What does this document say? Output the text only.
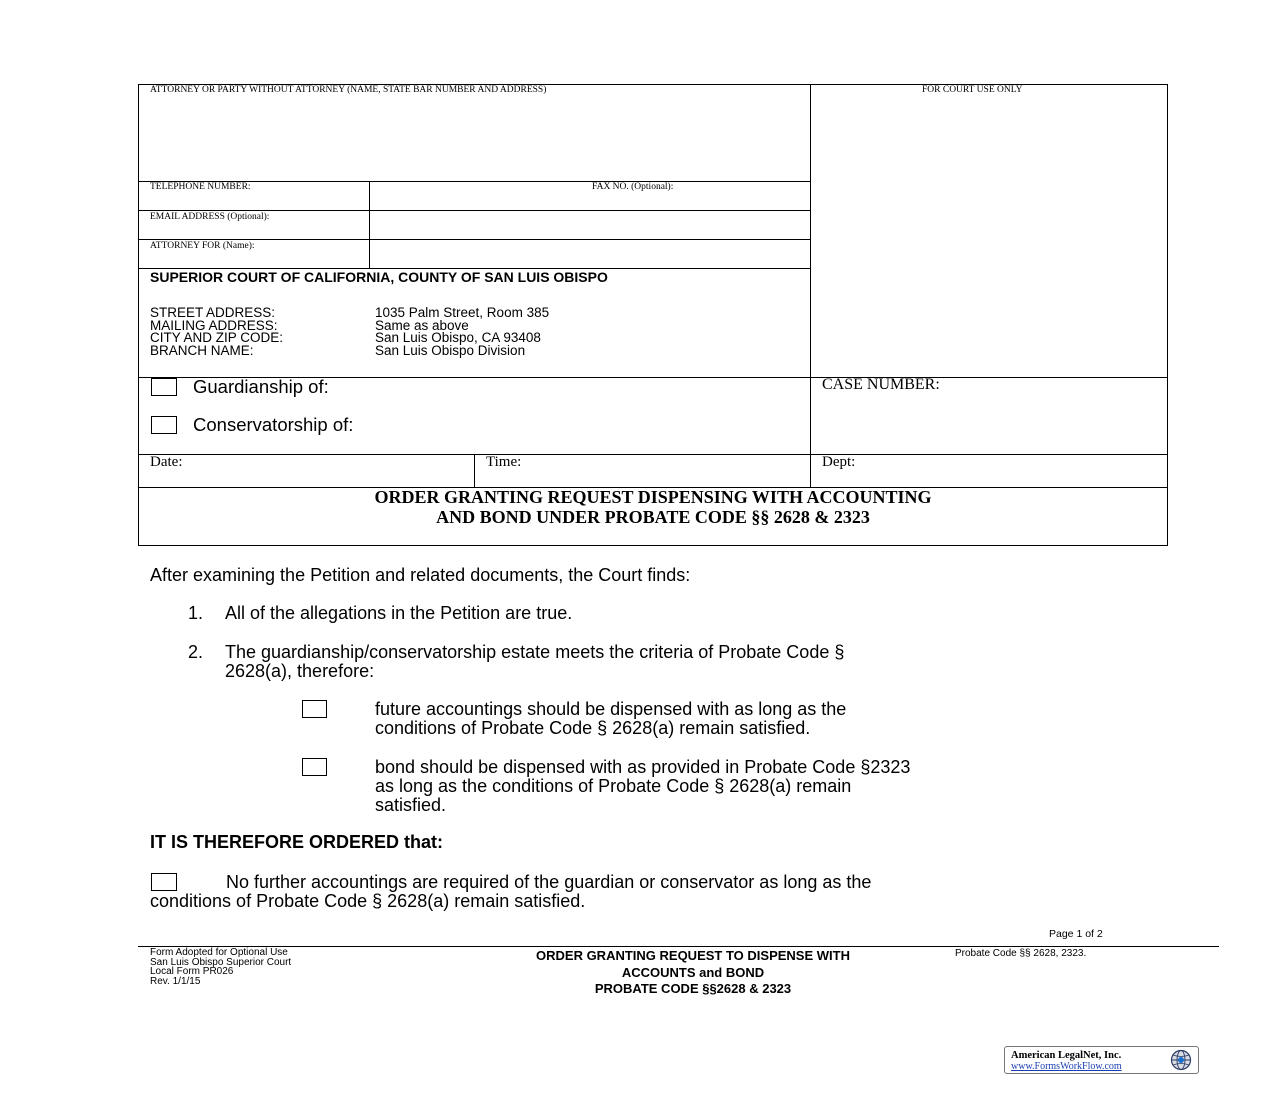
ATTORNEY OR PARTY WITHOUT ATTORNEY (NAME, STATE BAR NUMBER AND ADDRESS)	FOR COURT USE ONLY
TELEPHONE NUMBER:	FAX NO. (Optional):
EMAIL ADDRESS (Optional):
ATTORNEY FOR (Name):
SUPERIOR COURT OF CALIFORNIA, COUNTY OF SAN LUIS OBISPO
STREET ADDRESS:	1035 Palm Street, Room 385
MAILING ADDRESS:	Same as above
CITY AND ZIP CODE:	San Luis Obispo, CA 93408
BRANCH NAME:	San Luis Obispo Division
Guardianship of:
Conservatorship of:
CASE NUMBER:
Date:	Time:	Dept:
ORDER GRANTING REQUEST DISPENSING WITH ACCOUNTING
AND BOND UNDER PROBATE CODE §§ 2628 & 2323
After examining the Petition and related documents, the Court finds:
1. All of the allegations in the Petition are true.
2. The guardianship/conservatorship estate meets the criteria of Probate Code §
2628(a), therefore:
future accountings should be dispensed with as long as the
conditions of Probate Code § 2628(a) remain satisfied.
bond should be dispensed with as provided in Probate Code §2323
as long as the conditions of Probate Code § 2628(a) remain
satisfied.
IT IS THEREFORE ORDERED that:
No further accountings are required of the guardian or conservator as long as the
conditions of Probate Code § 2628(a) remain satisfied.
Page 1 of 2
Form Adopted for Optional Use
San Luis Obispo Superior Court
Local Form PR026
Rev. 1/1/15
ORDER GRANTING REQUEST TO DISPENSE WITH
ACCOUNTS and BOND
PROBATE CODE §§2628 & 2323
Probate Code §§ 2628, 2323.
American LegalNet, Inc.
www.FormsWorkFlow.com
